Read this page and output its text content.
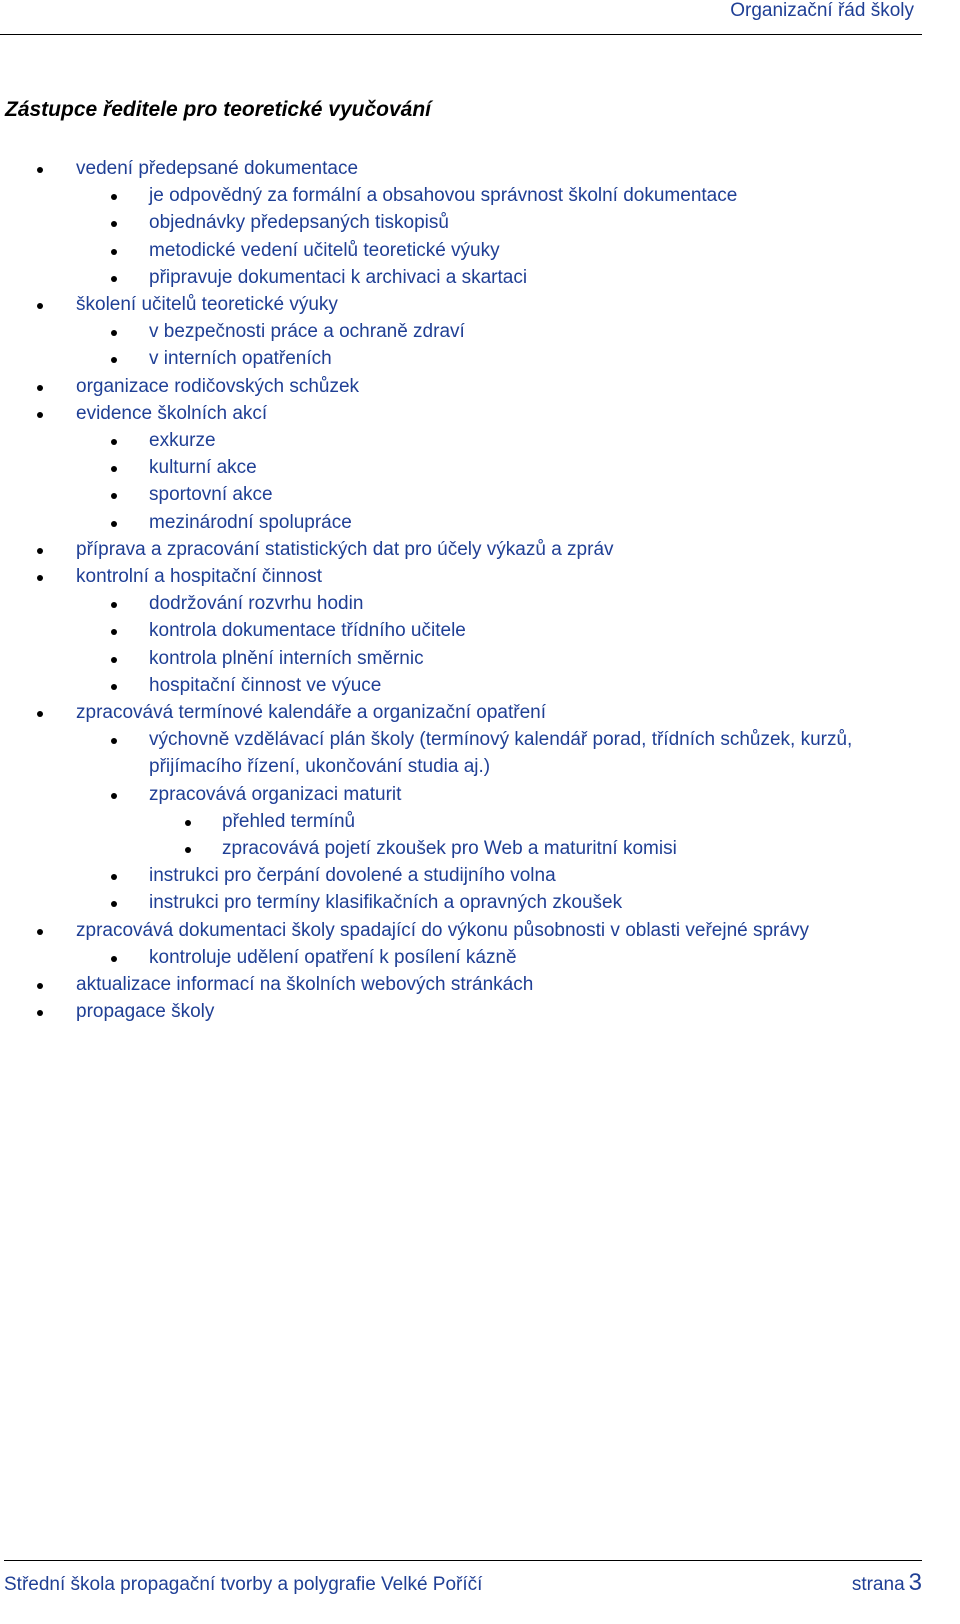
Organizační řád školy
Zástupce ředitele pro teoretické vyučování
vedení předepsané dokumentace
je odpovědný za formální a obsahovou správnost školní dokumentace
objednávky předepsaných tiskopisů
metodické vedení učitelů teoretické výuky
připravuje dokumentaci k archivaci a skartaci
školení učitelů teoretické výuky
v bezpečnosti práce a ochraně zdraví
v interních opatřeních
organizace rodičovských schůzek
evidence školních akcí
exkurze
kulturní akce
sportovní akce
mezinárodní spolupráce
příprava a zpracování statistických dat pro účely výkazů a zpráv
kontrolní a hospitační činnost
dodržování rozvrhu hodin
kontrola dokumentace třídního učitele
kontrola plnění interních směrnic
hospitační činnost ve výuce
zpracovává termínové kalendáře a organizační opatření
výchovně vzdělávací plán školy (termínový kalendář porad, třídních schůzek, kurzů, přijímacího řízení, ukončování studia aj.)
zpracovává organizaci maturit
přehled termínů
zpracovává pojetí zkoušek pro Web a maturitní komisi
instrukci pro čerpání dovolené a studijního volna
instrukci pro termíny klasifikačních a opravných zkoušek
zpracovává dokumentaci školy spadající do výkonu působnosti v oblasti veřejné správy
kontroluje udělení opatření k posílení kázně
aktualizace informací na školních webových stránkách
propagace školy
Střední škola propagační tvorby a polygrafie Velké Poříčí	strana 3
